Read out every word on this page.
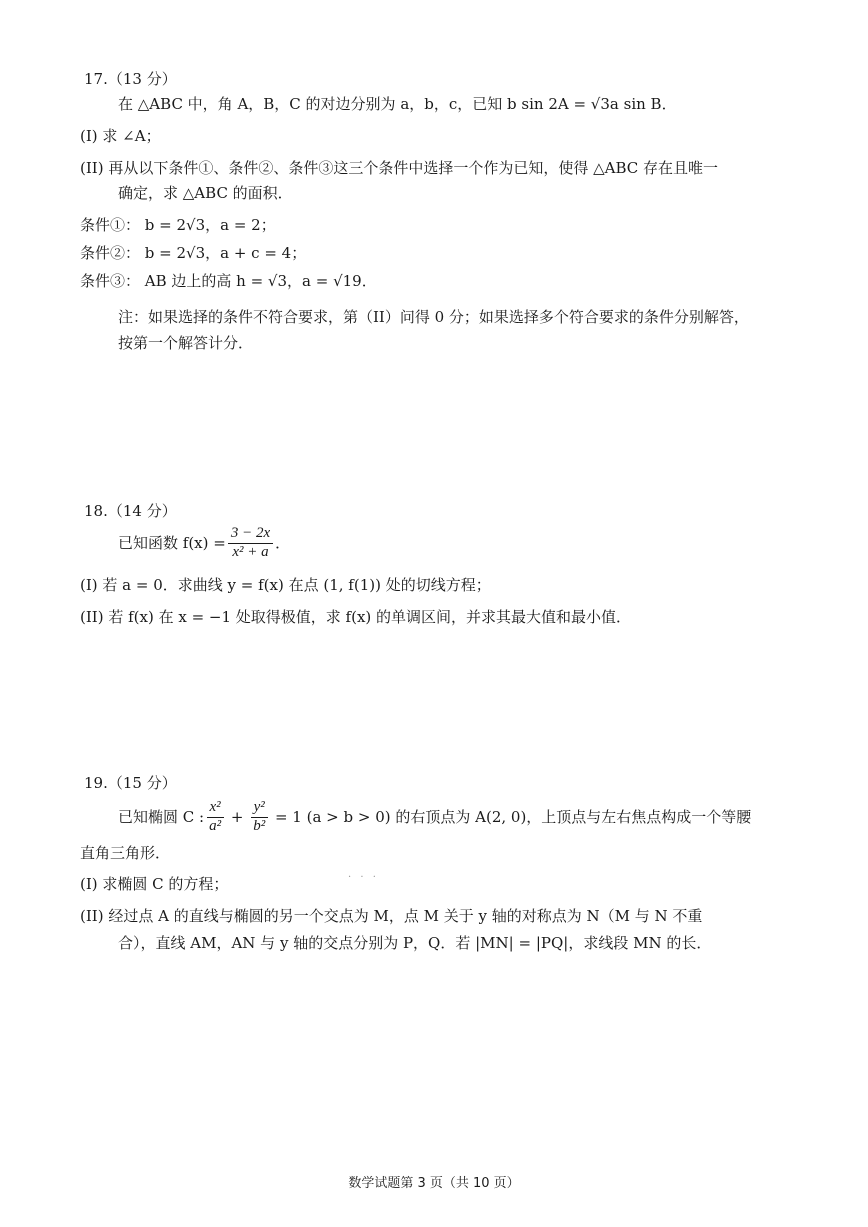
17.（13 分）
在 △ABC 中，角 A，B，C 的对边分别为 a，b，c，已知 b sin 2A = √3a sin B．
(I) 求 ∠A；
(II) 再从以下条件①、条件②、条件③这三个条件中选择一个作为已知，使得 △ABC 存在且唯一
确定，求 △ABC 的面积．
条件①： b = 2√3，a = 2；
条件②： b = 2√3，a + c = 4；
条件③： AB 边上的高 h = √3，a = √19．
注：如果选择的条件不符合要求，第（II）问得 0 分；如果选择多个符合要求的条件分别解答，
按第一个解答计分．
18.（14 分）
已知函数 $f(x) = \frac{3 - 2x}{\text{x² + a}}$ ．
(I) 若 a = 0．求曲线 y = f(x) 在点 (1, f(1)) 处的切线方程；
(II) 若 f(x) 在 x = −1 处取得极值，求 f(x) 的单调区间，并求其最大值和最小值．
19.（15 分）
已知椭圆 C : $\frac{\text{x²}}{\text{a²}} + \frac{\text{y²}}{\text{b²}} = 1$ (a > b > 0) 的右顶点为 A(2, 0)，上顶点与左右焦点构成一个等腰
直角三角形．
(I) 求椭圆 C 的方程；	· · ·
(II) 经过点 A 的直线与椭圆的另一个交点为 M，点 M 关于 y 轴的对称点为 N（M 与 N 不重
合），直线 AM，AN 与 y 轴的交点分别为 P，Q．若 |MN| = |PQ|，求线段 MN 的长．
数学试题第 3 页（共 10 页）
